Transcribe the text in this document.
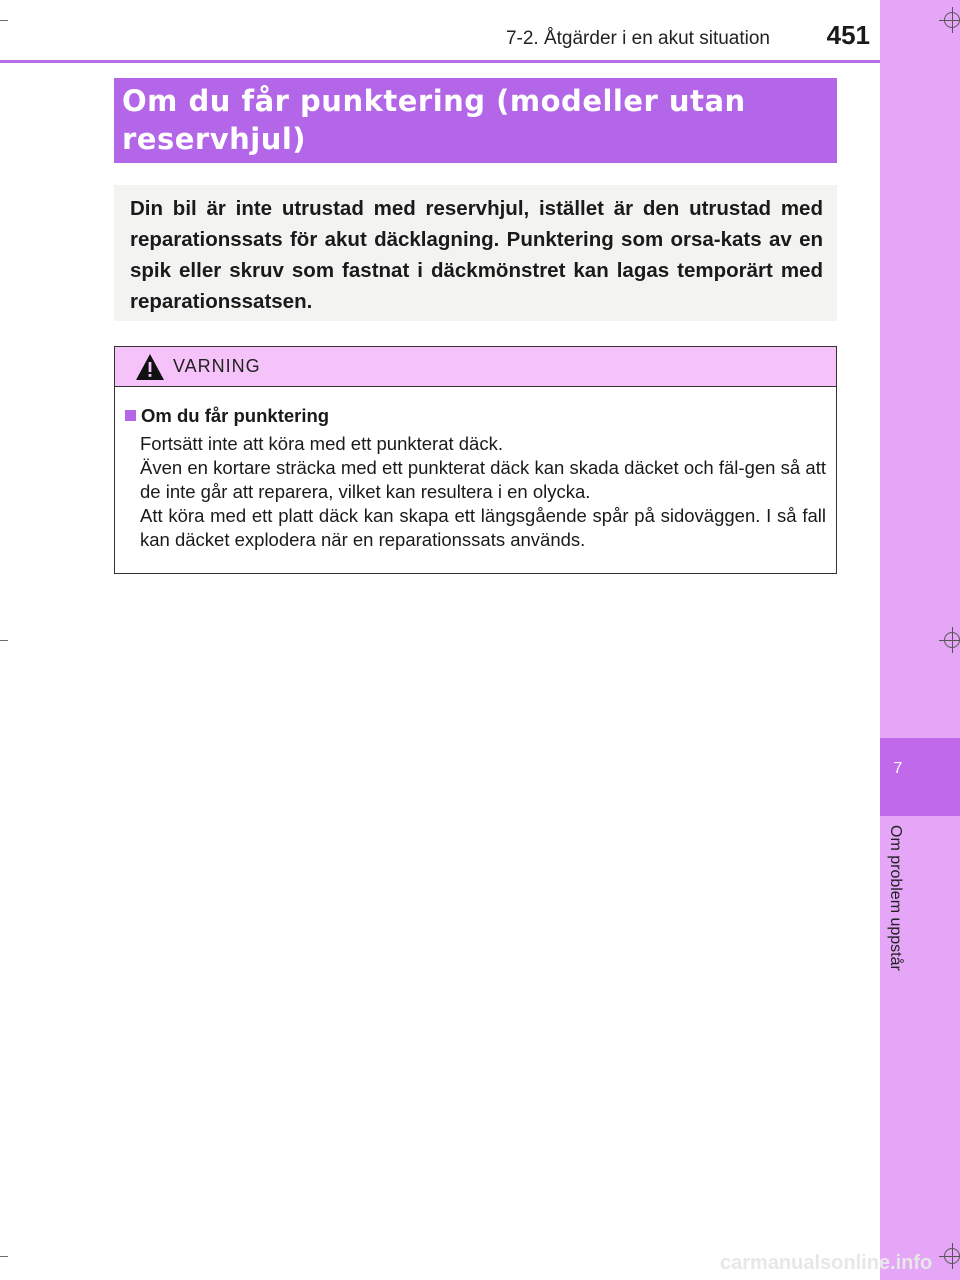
7-2. Åtgärder i en akut situation	451
7
Om problem uppstår
Om du får punktering (modeller utan reservhjul)

Din bil är inte utrustad med reservhjul, istället är den utrustad med reparationssats för akut däcklagning. Punktering som orsa-kats av en spik eller skruv som fastnat i däckmönstret kan lagas temporärt med reparationssatsen.

VARNING
Om du får punktering

Fortsätt inte att köra med ett punkterat däck.

Även en kortare sträcka med ett punkterat däck kan skada däcket och fäl-gen så att de inte går att reparera, vilket kan resultera i en olycka.

Att köra med ett platt däck kan skapa ett längsgående spår på sidoväggen. I så fall kan däcket explodera när en reparationssats används.

carmanualsonline.info
